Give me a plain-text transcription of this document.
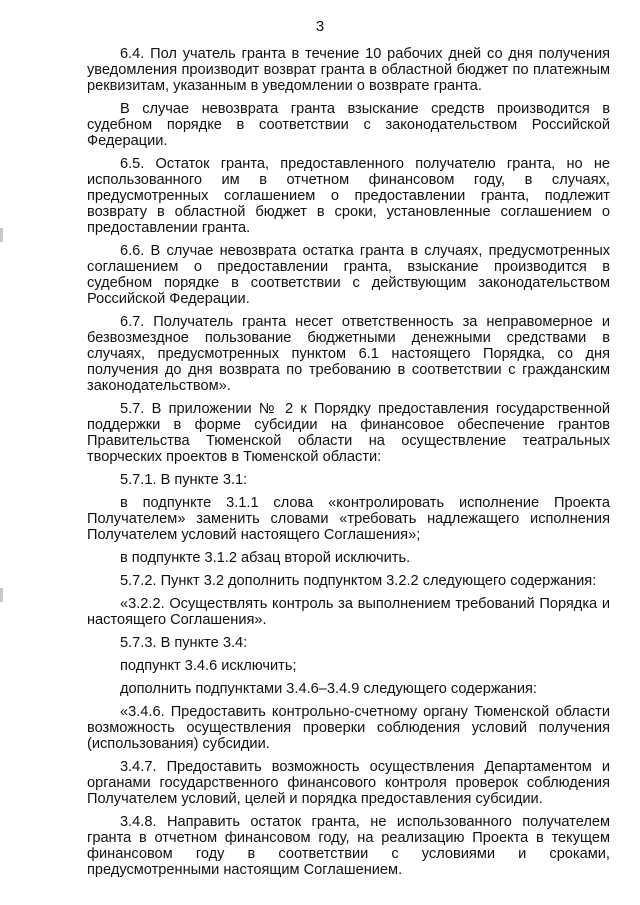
3

6.4. Пол учатель гранта в течение 10 рабочих дней со дня получения уведомления производит возврат гранта в областной бюджет по платежным реквизитам, указанным в уведомлении о возврате гранта.

В случае невозврата гранта взыскание средств производится в судебном порядке в соответствии с законодательством Российской Федерации.

6.5. Остаток гранта, предоставленного получателю гранта, но не использованного им в отчетном финансовом году, в случаях, предусмотренных соглашением о предоставлении гранта, подлежит возврату в областной бюджет в сроки, установленные соглашением о предоставлении гранта.

6.6. В случае невозврата остатка гранта в случаях, предусмотренных соглашением о предоставлении гранта, взыскание производится в судебном порядке в соответствии с действующим законодательством Российской Федерации.

6.7. Получатель гранта несет ответственность за неправомерное и безвозмездное пользование бюджетными денежными средствами в случаях, предусмотренных пунктом 6.1 настоящего Порядка, со дня получения до дня возврата по требованию в соответствии с гражданским законодательством».

5.7. В приложении № 2 к Порядку предоставления государственной поддержки в форме субсидии на финансовое обеспечение грантов Правительства Тюменской области на осуществление театральных творческих проектов в Тюменской области:

5.7.1. В пункте 3.1:

в подпункте 3.1.1 слова «контролировать исполнение Проекта Получателем» заменить словами «требовать надлежащего исполнения Получателем условий настоящего Соглашения»;

в подпункте 3.1.2 абзац второй исключить.

5.7.2. Пункт 3.2 дополнить подпунктом 3.2.2 следующего содержания:

«3.2.2. Осуществлять контроль за выполнением требований Порядка и настоящего Соглашения».

5.7.3. В пункте 3.4:

подпункт 3.4.6 исключить;

дополнить подпунктами 3.4.6–3.4.9 следующего содержания:

«3.4.6. Предоставить контрольно-счетному органу Тюменской области возможность осуществления проверки соблюдения условий получения (использования) субсидии.

3.4.7. Предоставить возможность осуществления Департаментом и органами государственного финансового контроля проверок соблюдения Получателем условий, целей и порядка предоставления субсидии.

3.4.8. Направить остаток гранта, не использованного получателем гранта в отчетном финансовом году, на реализацию Проекта в текущем финансовом году в соответствии с условиями и сроками, предусмотренными настоящим Соглашением.
